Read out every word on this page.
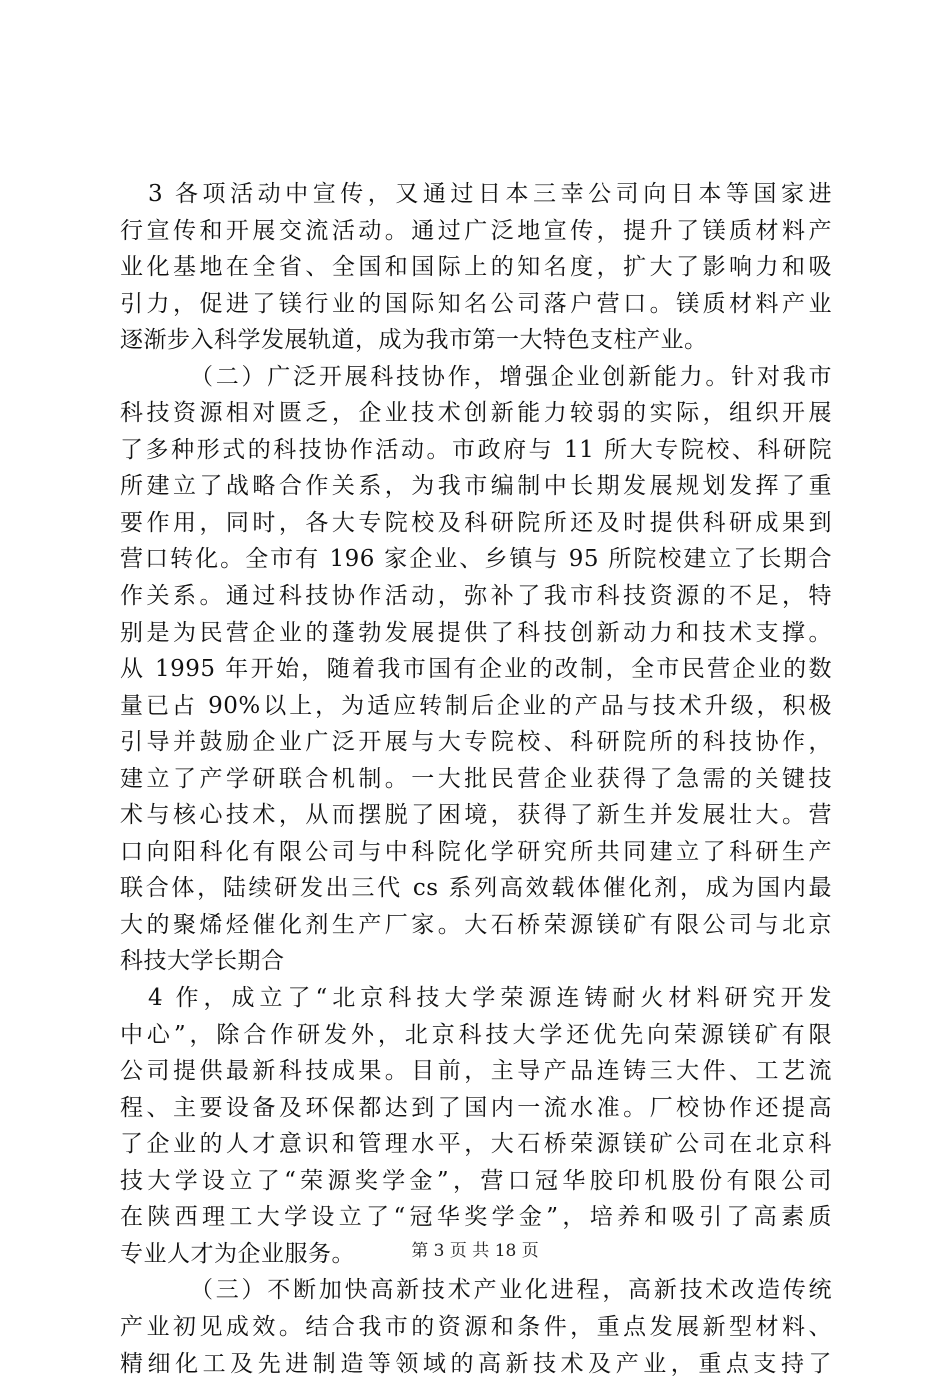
3 各项活动中宣传，又通过日本三幸公司向日本等国家进
行宣传和开展交流活动。通过广泛地宣传，提升了镁质材料产
业化基地在全省、全国和国际上的知名度，扩大了影响力和吸
引力，促进了镁行业的国际知名公司落户营口。镁质材料产业
逐渐步入科学发展轨道，成为我市第一大特色支柱产业。
（二）广泛开展科技协作，增强企业创新能力。针对我市
科技资源相对匮乏，企业技术创新能力较弱的实际，组织开展
了多种形式的科技协作活动。市政府与 11 所大专院校、科研院
所建立了战略合作关系，为我市编制中长期发展规划发挥了重
要作用，同时，各大专院校及科研院所还及时提供科研成果到
营口转化。全市有 196 家企业、乡镇与 95 所院校建立了长期合
作关系。通过科技协作活动，弥补了我市科技资源的不足，特
别是为民营企业的蓬勃发展提供了科技创新动力和技术支撑。
从 1995 年开始，随着我市国有企业的改制，全市民营企业的数
量已占 90%以上，为适应转制后企业的产品与技术升级，积极
引导并鼓励企业广泛开展与大专院校、科研院所的科技协作，
建立了产学研联合机制。一大批民营企业获得了急需的关键技
术与核心技术，从而摆脱了困境，获得了新生并发展壮大。营
口向阳科化有限公司与中科院化学研究所共同建立了科研生产
联合体，陆续研发出三代 cs 系列高效载体催化剂，成为国内最
大的聚烯烃催化剂生产厂家。大石桥荣源镁矿有限公司与北京
科技大学长期合
4 作，成立了“北京科技大学荣源连铸耐火材料研究开发
中心”，除合作研发外，北京科技大学还优先向荣源镁矿有限
公司提供最新科技成果。目前，主导产品连铸三大件、工艺流
程、主要设备及环保都达到了国内一流水准。厂校协作还提高
了企业的人才意识和管理水平，大石桥荣源镁矿公司在北京科
技大学设立了“荣源奖学金”，营口冠华胶印机股份有限公司
在陕西理工大学设立了“冠华奖学金”，培养和吸引了高素质
专业人才为企业服务。
（三）不断加快高新技术产业化进程，高新技术改造传统
产业初见成效。结合我市的资源和条件，重点发展新型材料、
精细化工及先进制造等领域的高新技术及产业，重点支持了
第 3 页 共 18 页
